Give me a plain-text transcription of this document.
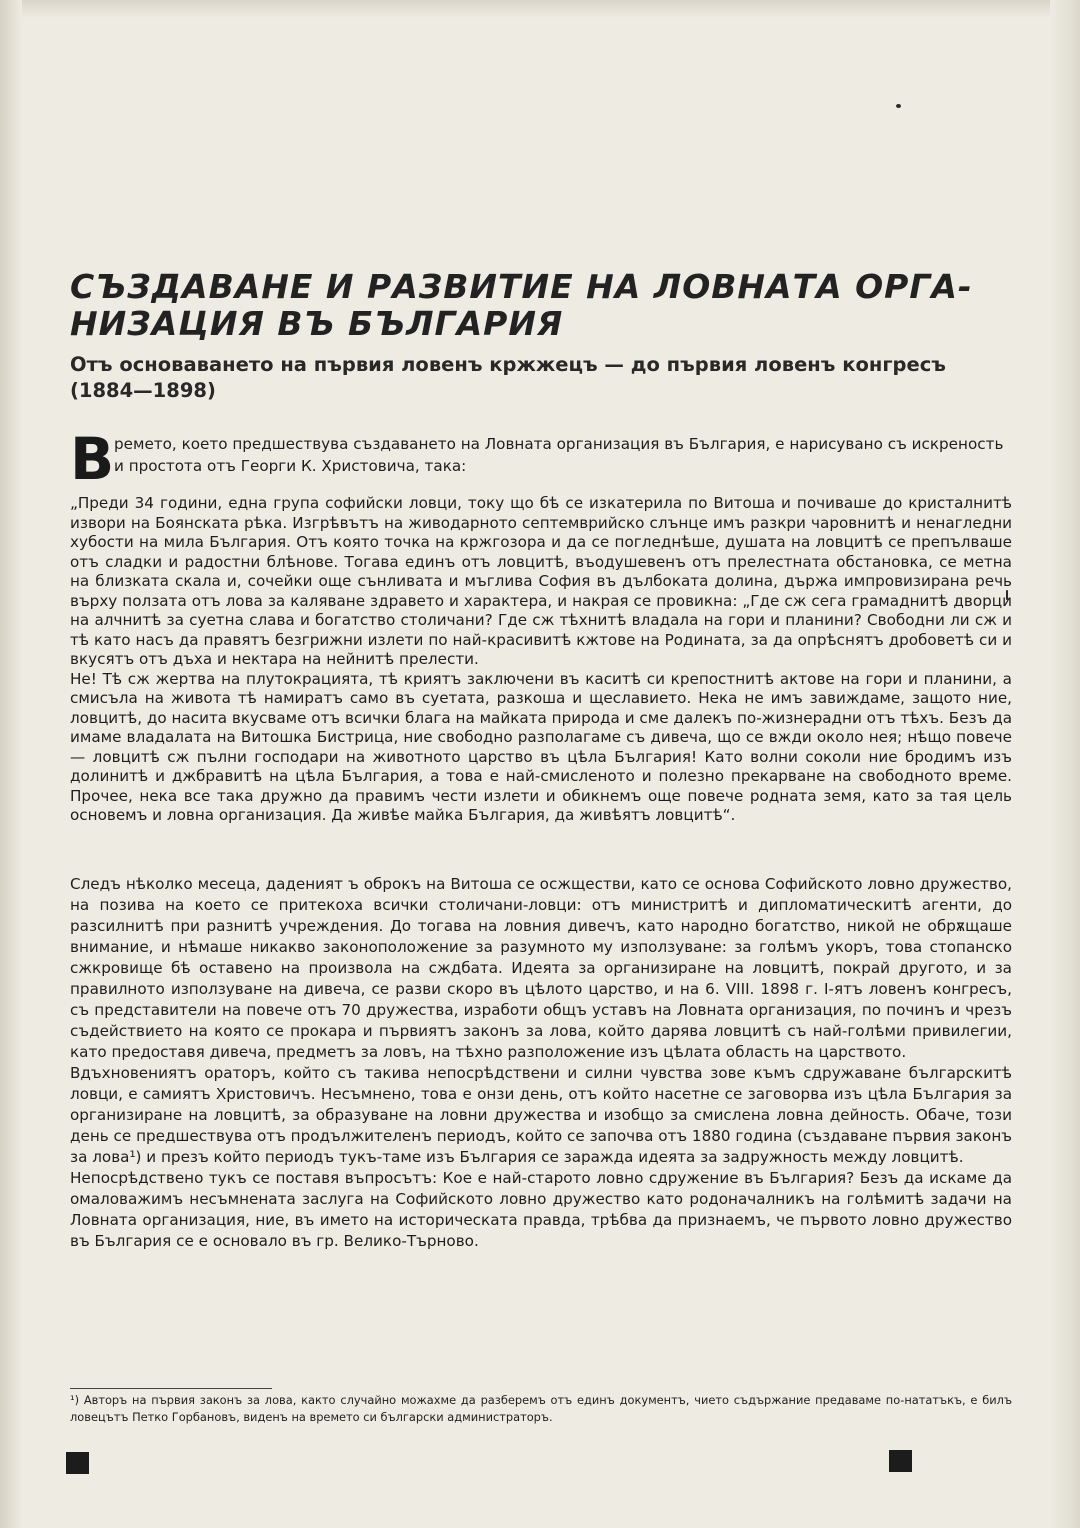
СЪЗДАВАНЕ И РАЗВИТИЕ НА ЛОВНАТА ОРГА-НИЗАЦИЯ ВЪ БЪЛГАРИЯ
Отъ основаването на първия ловенъ кржжецъ — до първия ловенъ конгресъ (1884—1898)

Времето, което предшествува създаването на Ловната организация въ България, е нарисувано съ искреность и простота отъ Георги К. Христовича, така:

„Преди 34 години, една група софийски ловци, току що бѣ се изкатерила по Витоша и почиваше до кристалнитѣ извори на Боянската рѣка. Изгрѣвътъ на живодарното септемврийско слънце имъ разкри чаровнитѣ и ненагледни хубости на мила България. Отъ която точка на кржгозора и да се погледнѣше, душата на ловцитѣ се препълваше отъ сладки и радостни блѣнове. Тогава единъ отъ ловцитѣ, въодушевенъ отъ прелестната обстановка, се метна на близката скала и, сочейки още сънливата и мъглива София въ дълбоката долина, държа импровизирана речь върху ползата отъ лова за каляване здравето и характера, и накрая се провикна: „Где сж сега грамаднитѣ дворци на алчнитѣ за суетна слава и богатство столичани? Где сж тѣхнитѣ владала на гори и планини? Свободни ли сж и тѣ като насъ да правятъ безгрижни излети по най-красивитѣ кжтове на Родината, за да опрѣснятъ дробоветѣ си и вкусятъ отъ дъха и нектара на нейнитѣ прелести.

Не! Тѣ сж жертва на плутокрацията, тѣ криятъ заключени въ каситѣ си крепостнитѣ актове на гори и планини, а смисъла на живота тѣ намиратъ само въ суетата, разкоша и щеславието. Нека не имъ завиждаме, защото ние, ловцитѣ, до насита вкусваме отъ всички блага на майката природа и сме далекъ по-жизнерадни отъ тѣхъ. Безъ да имаме владалата на Витошка Бистрица, ние свободно разполагаме съ дивеча, що се вжди около нея; нѣщо повече — ловцитѣ сж пълни господари на животното царство въ цѣла България! Като волни соколи ние бродимъ изъ долинитѣ и джбравитѣ на цѣла България, а това е най-смисленото и полезно прекарване на свободното време. Прочее, нека все така дружно да правимъ чести излети и обикнемъ още повече родната земя, като за тая цель основемъ и ловна организация. Да живѣе майка България, да живѣятъ ловцитѣ“.

Следъ нѣколко месеца, даденият ъ оброкъ на Витоша се осжществи, като се основа Софийското ловно дружество, на позива на което се притекоха всички столичани-ловци: отъ министритѣ и дипломатическитѣ агенти, до разсилнитѣ при разнитѣ учреждения. До тогава на ловния дивечъ, като народно богатство, никой не обрѫщаше внимание, и нѣмаше никакво законоположение за разумното му използуване: за голѣмъ укоръ, това стопанско сжкровище бѣ оставено на произвола на сждбата. Идеята за организиране на ловцитѣ, покрай другото, и за правилното използуване на дивеча, се разви скоро въ цѣлото царство, и на 6. VIII. 1898 г. I-ятъ ловенъ конгресъ, съ представители на повече отъ 70 дружества, изработи общъ уставъ на Ловната организация, по починъ и чрезъ съдействието на която се прокара и първиятъ законъ за лова, който дарява ловцитѣ съ най-голѣми привилегии, като предоставя дивеча, предметъ за ловъ, на тѣхно разположение изъ цѣлата область на царството.

Вдъхновениятъ ораторъ, който съ такива непосрѣдствени и силни чувства зове къмъ сдружаване българскитѣ ловци, е самиятъ Христовичъ. Несъмнено, това е онзи день, отъ който насетне се заговорва изъ цѣла България за организиране на ловцитѣ, за образуване на ловни дружества и изобщо за смислена ловна дейность. Обаче, този день се предшествува отъ продължителенъ периодъ, който се започва отъ 1880 година (създаване първия законъ за лова¹) и презъ който периодъ тукъ-таме изъ България се заражда идеята за задружность между ловцитѣ.

Непосрѣдствено тукъ се поставя въпросътъ: Кое е най-старото ловно сдружение въ България? Безъ да искаме да омаловажимъ несъмнената заслуга на Софийското ловно дружество като родоначалникъ на голѣмитѣ задачи на Ловната организация, ние, въ името на историческата правда, трѣбва да признаемъ, че първото ловно дружество въ България се е основало въ гр. Велико-Търново.

¹) Авторъ на първия законъ за лова, както случайно можахме да разберемъ отъ единъ документъ, чието съдържание предаваме по-нататъкъ, е билъ ловецътъ Петко Горбановъ, виденъ на времето си български администраторъ.
